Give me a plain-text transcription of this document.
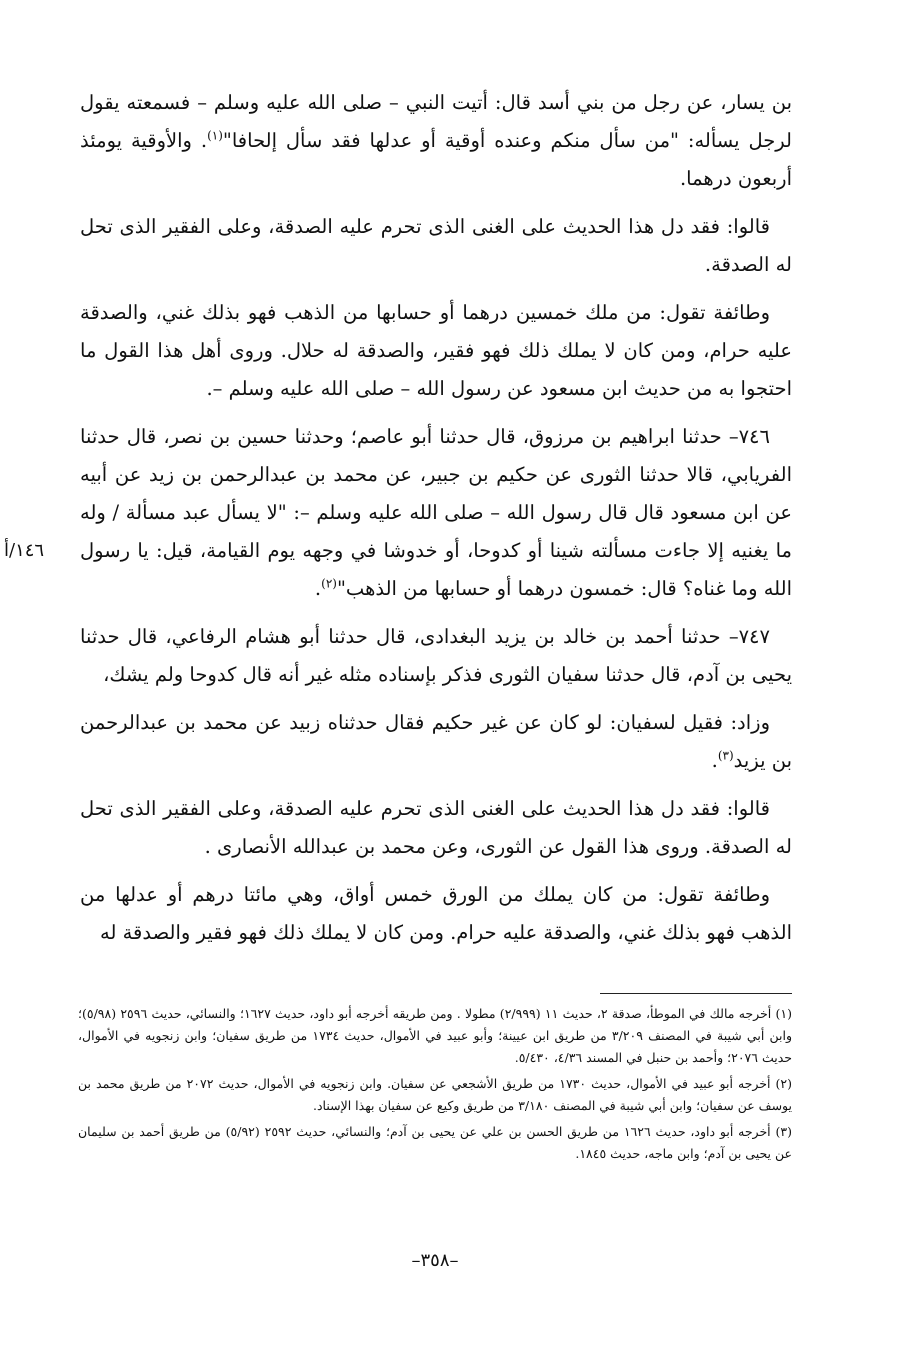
بن يسار، عن رجل من بني أسد قال: أتيت النبي – صلى الله عليه وسلم – فسمعته يقول لرجل يسأله: "من سأل منكم وعنده أوقية أو عدلها فقد سأل إلحافا"$^{(١)}$. والأوقية يومئذ أربعون درهما.

قالوا: فقد دل هذا الحديث على الغنى الذى تحرم عليه الصدقة، وعلى الفقير الذى تحل له الصدقة.

وطائفة تقول: من ملك خمسين درهما أو حسابها من الذهب فهو بذلك غني، والصدقة عليه حرام، ومن كان لا يملك ذلك فهو فقير، والصدقة له حلال. وروى أهل هذا القول ما احتجوا به من حديث ابن مسعود عن رسول الله – صلى الله عليه وسلم –.

٧٤٦– حدثنا ابراهيم بن مرزوق، قال حدثنا أبو عاصم؛ وحدثنا حسين بن نصر، قال حدثنا الفريابي، قالا حدثنا الثورى عن حكيم بن جبير، عن محمد بن عبدالرحمن بن زيد عن أبيه عن ابن مسعود قال قال رسول الله – صلى الله عليه وسلم –: "لا يسأل عبد مسألة / وله ما يغنيه إلا جاءت مسألته شينا أو كدوحا، أو خدوشا في وجهه يوم القيامة، قيل: يا رسول الله وما غناه؟ قال: خمسون درهما أو حسابها من الذهب"$^{(٢)}$.

٧٤٧– حدثنا أحمد بن خالد بن يزيد البغدادى، قال حدثنا أبو هشام الرفاعي، قال حدثنا يحيى بن آدم، قال حدثنا سفيان الثورى فذكر بإسناده مثله غير أنه قال كدوحا ولم يشك،

وزاد: فقيل لسفيان: لو كان عن غير حكيم فقال حدثناه زبيد عن محمد بن عبدالرحمن بن يزيد$^{(٣)}$.

قالوا: فقد دل هذا الحديث على الغنى الذى تحرم عليه الصدقة، وعلى الفقير الذى تحل له الصدقة. وروى هذا القول عن الثورى، وعن محمد بن عبدالله الأنصارى .

وطائفة تقول: من كان يملك من الورق خمس أواق، وهي مائتا درهم أو عدلها من الذهب فهو بذلك غني، والصدقة عليه حرام. ومن كان لا يملك ذلك فهو فقير والصدقة له

١٤٦/أ

(١) أخرجه مالك في الموطأ، صدقة ٢، حديث ١١ (٢/٩٩٩) مطولا . ومن طريقه أخرجه أبو داود، حديث ١٦٢٧؛ والنسائي، حديث ٢٥٩٦ (٥/٩٨)؛ وابن أبي شيبة في المصنف ٣/٢٠٩ من طريق ابن عيينة؛ وأبو عبيد في الأموال، حديث ١٧٣٤ من طريق سفيان؛ وابن زنجويه في الأموال، حديث ٢٠٧٦؛ وأحمد بن حنبل في المسند ٤/٣٦، ٥/٤٣٠.

(٢) أخرجه أبو عبيد في الأموال، حديث ١٧٣٠ من طريق الأشجعي عن سفيان. وابن زنجويه في الأموال، حديث ٢٠٧٢ من طريق محمد بن يوسف عن سفيان؛ وابن أبي شيبة في المصنف ٣/١٨٠ من طريق وكيع عن سفيان بهذا الإسناد.

(٣) أخرجه أبو داود، حديث ١٦٢٦ من طريق الحسن بن علي عن يحيى بن آدم؛ والنسائي، حديث ٢٥٩٢ (٥/٩٢) من طريق أحمد بن سليمان عن يحيى بن آدم؛ وابن ماجه، حديث ١٨٤٥.

–٣٥٨–
